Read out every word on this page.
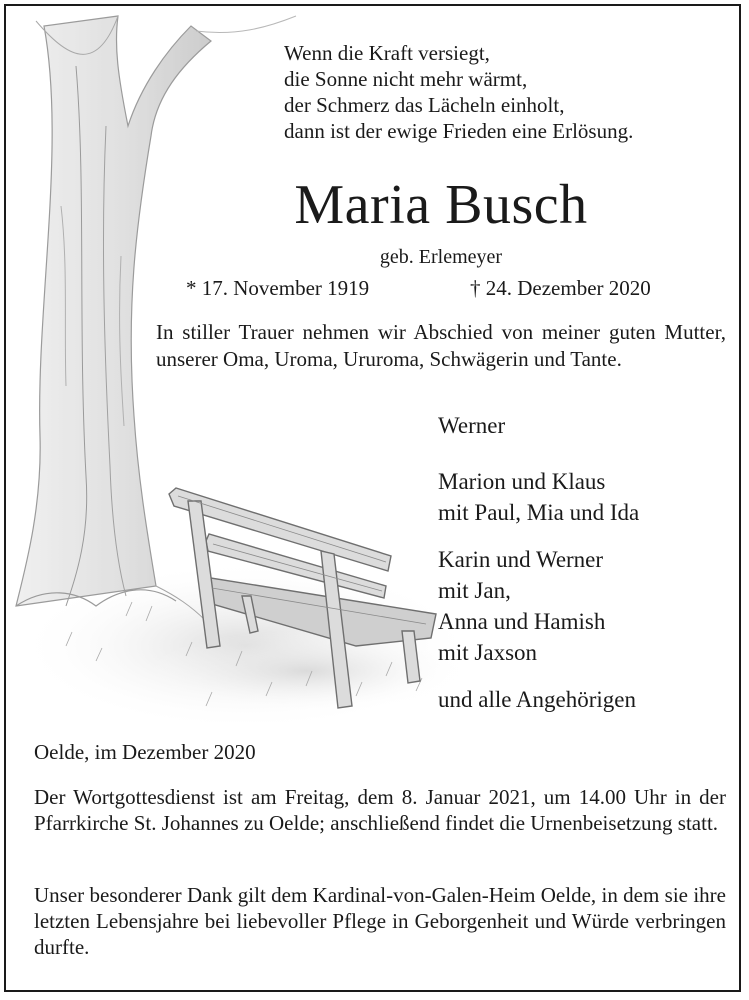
Wenn die Kraft versiegt,
die Sonne nicht mehr wärmt,
der Schmerz das Lächeln einholt,
dann ist der ewige Frieden eine Erlösung.
Maria Busch
geb. Erlemeyer
* 17. November 1919	† 24. Dezember 2020

In stiller Trauer nehmen wir Abschied von meiner guten Mutter, unserer Oma, Uroma, Ururoma, Schwägerin und Tante.

Werner
Marion und Klaus
mit Paul, Mia und Ida
Karin und Werner
mit Jan,
Anna und Hamish
mit Jaxson
und alle Angehörigen
Oelde, im Dezember 2020

Der Wortgottesdienst ist am Freitag, dem 8. Januar 2021, um 14.00 Uhr in der Pfarrkirche St. Johannes zu Oelde; anschließend findet die Urnenbeisetzung statt.

Unser besonderer Dank gilt dem Kardinal-von-Galen-Heim Oelde, in dem sie ihre letzten Lebensjahre bei liebevoller Pflege in Geborgenheit und Würde verbringen durfte.
